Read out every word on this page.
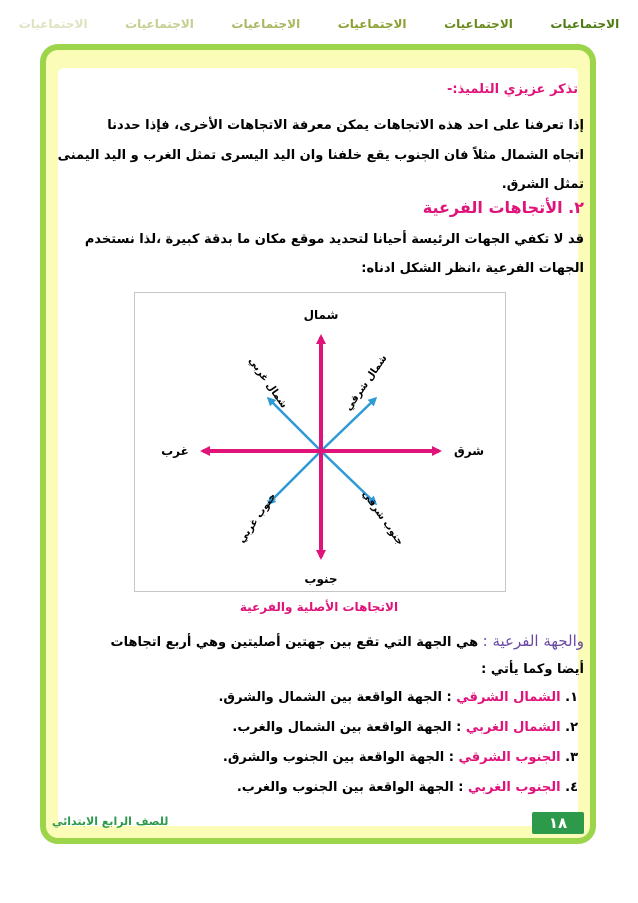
الاجتماعيات
الاجتماعيات
الاجتماعيات
الاجتماعيات
الاجتماعيات
الاجتماعيات
تذكر عزيزي التلميذ:-
إذا تعرفنا على احد هذه الاتجاهات يمكن معرفة الاتجاهات الأخرى، فإذا حددنا
اتجاه الشمال مثلاً فان الجنوب يقع خلفنا وان اليد اليسرى تمثل الغرب و اليد اليمنى
تمثل الشرق.
٢. الأتجاهات الفرعية
قد لا تكفي الجهات الرئيسة أحيانا لتحديد موقع مكان ما بدقة كبيرة ،لذا نستخدم
الجهات الفرعية ،انظر الشكل ادناه:
شمال
جنوب
شرق
غرب
شمال شرقي
شمال غربي
جنوب شرقي
جنوب غربي
الاتجاهات الأصلية والفرعية
والجهة الفرعية : هي الجهة التي تقع بين جهتين أصليتين وهي أربع اتجاهات
أيضا وكما يأتي :
١. الشمال الشرقي : الجهة الواقعة بين الشمال والشرق.
٢. الشمال الغربي : الجهة الواقعة بين الشمال والغرب.
٣. الجنوب الشرقي : الجهة الواقعة بين الجنوب والشرق.
٤. الجنوب الغربي : الجهة الواقعة بين الجنوب والغرب.
١٨
للصف الرابع الابتدائي
